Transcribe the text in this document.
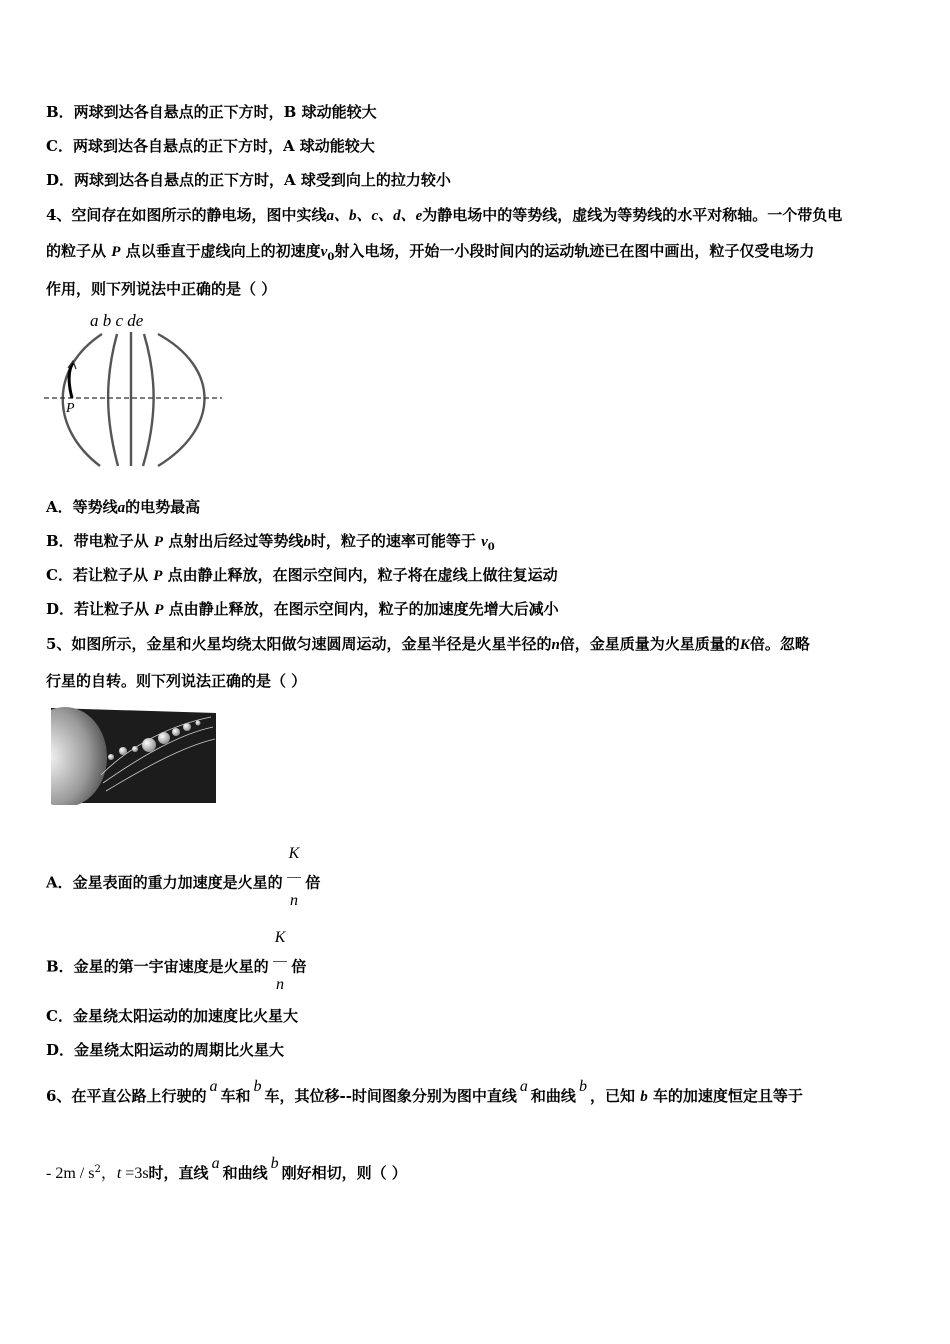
B．两球到达各自悬点的正下方时，B 球动能较大
C．两球到达各自悬点的正下方时，A 球动能较大
D．两球到达各自悬点的正下方时，A 球受到向上的拉力较小
4、空间存在如图所示的静电场，图中实线a、b、c、d、e为静电场中的等势线，虚线为等势线的水平对称轴。一个带负电
的粒子从 P 点以垂直于虚线向上的初速度$v_0$射入电场，开始一小段时间内的运动轨迹已在图中画出，粒子仅受电场力
作用，则下列说法中正确的是（ ）
a b c de
P
A．等势线a的电势最高
B．带电粒子从 P 点射出后经过等势线b时，粒子的速率可能等于 $v_0$
C．若让粒子从 P 点由静止释放，在图示空间内，粒子将在虚线上做往复运动
D．若让粒子从 P 点由静止释放，在图示空间内，粒子的加速度先增大后减小
5、如图所示，金星和火星均绕太阳做匀速圆周运动，金星半径是火星半径的n倍，金星质量为火星质量的K倍。忽略
行星的自转。则下列说法正确的是（ ）
A．金星表面的重力加速度是火星的 $\frac{K}{n}$ 倍
B．金星的第一宇宙速度是火星的 $\frac{K}{n}$ 倍
C．金星绕太阳运动的加速度比火星大
D．金星绕太阳运动的周期比火星大
6、在平直公路上行驶的a车和b车，其位移--时间图象分别为图中直线a和曲线b，已知 b 车的加速度恒定且等于
- $2m / s^2$，t =3s时，直线a和曲线b刚好相切，则（ ）
